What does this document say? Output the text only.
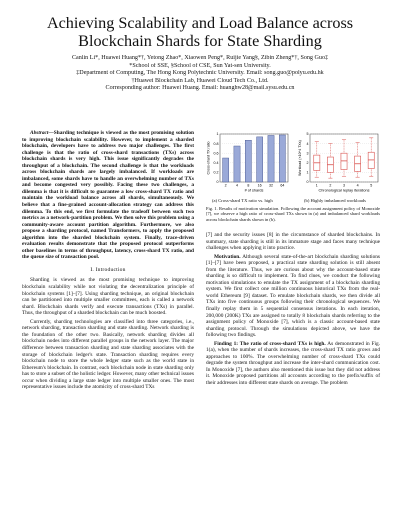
Achieving Scalability and Load Balance across Blockchain Shards for State Sharding
Canlin Li*, Huawei Huang*†, Yetong Zhao*, Xiaowen Peng*, Ruijie Yang§, Zibin Zheng*†, Song Guo‡
*School of SSE, §School of CSE, Sun Yat-sen University.
‡Department of Computing, The Hong Kong Polytechnic University. Email: song.guo@polyu.edu.hk
†Huawei Blockchain Lab, Huawei Cloud Tech Co., Ltd.
Corresponding author: Huawei Huang. Email: huanghw28@mail.sysu.edu.cn

Abstract—Sharding technique is viewed as the most promising solution to improving blockchain scalability. However, to implement a sharded blockchain, developers have to address two major challenges. The first challenge is that the ratio of cross-shard transactions (TXs) across blockchain shards is very high. This issue significantly degrades the throughput of a blockchain. The second challenge is that the workloads across blockchain shards are largely imbalanced. If workloads are imbalanced, some shards have to handle an overwhelming number of TXs and become congested very possibly. Facing these two challenges, a dilemma is that it is difficult to guarantee a low cross-shard TX ratio and maintain the workload balance across all shards, simultaneously. We believe that a fine-grained account-allocation strategy can address this dilemma. To this end, we first formulate the tradeoff between such two metrics as a network-partition problem. We then solve this problem using a community-aware account partition algorithm. Furthermore, we also propose a sharding protocol, named Transformers, to apply the proposed algorithm into the sharded blockchain system. Finally, trace-driven evaluation results demonstrate that the proposed protocol outperforms other baselines in terms of throughput, latency, cross-shard TX ratio, and the queue size of transaction pool.

I. Introduction

Sharding is viewed as the most promising technique to improving blockchain scalability while not violating the decentralization principle of blockchain systems [1]–[7]. Using sharding technique, an original blockchain can be partitioned into multiple smaller committees, each is called a network shard. Blockchain shards verify and execute transactions (TXs) in parallel. Thus, the throughput of a sharded blockchain can be much boosted.

Currently, sharding technologies are classified into three categories, i.e., network sharding, transaction sharding and state sharding. Network sharding is the foundation of the other two. Basically, network sharding divides all blockchain nodes into different parallel groups in the network layer. The major difference between transaction sharding and state sharding associates with the storage of blockchain ledger's state. Transaction sharding requires every blockchain node to store the whole ledger state such as the world state in Ethereum's blockchain. In contrast, each blockchain node in state sharding only has to store a subset of the holistic ledger. However, many other technical issues occur when dividing a large state ledger into multiple smaller ones. The most representative issues include the atomicity of cross-shard TXs

0
0.2
0.4
0.6
0.8
1
2	4	8 16 32 64
# of shards
Cross-shard TX ratio
0
1
2
3
4
5
1	2	3	4	5
Chronological replay iterations
Workload (×10^4 TXs)
(a) Cross-shard TX ratio vs. high	(b) Highly imbalanced workloads
Fig. 1. Results of motivation simulation. Following the account assignment policy of Monoxide [7], we observe a high ratio of cross-shard TXs shown in (a) and imbalanced shard workloads across blockchain shards shown in (b).

[7] and the security issues [8] in the circumstance of sharded blockchains. In summary, state sharding is still in its immature stage and faces many technique challenges when applying it into practice.

Motivation. Although several state-of-the-art blockchain sharding solutions [1]–[7] have been proposed, a practical state sharding solution is still absent from the literature. Thus, we are curious about why the account-based state sharding is so difficult to implement. To find clues, we conduct the following motivation simulations to emulate the TX assignment of a blockchain sharding system. We first collect one million continuous historical TXs from the real-world Ethereum [9] dataset. To emulate blockchain shards, we then divide all TXs into five continuous groups following their chronological sequences. We finally replay them in 5 sequential consensus iterations. In each iteration, 200,000 (200K) TXs are assigned to totally 8 blockchain shards referring to the assignment policy of Monoxide [7], which is a classic account-based state sharding protocol. Through the simulations depicted above, we have the following two findings.

Finding 1: The ratio of cross-shard TXs is high. As demonstrated in Fig. 1(a), when the number of shards increases, the cross-shard TX ratio grows and approaches to 100%. The overwhelming number of cross-shard TXs could degrade the system throughput and increase the inter-shard communication cost. In Monoxide [7], the authors also mentioned this issue but they did not address it. Monoxide proposed partitions all accounts according to the prefix/suffix of their addresses into different state shards on average. The problem
